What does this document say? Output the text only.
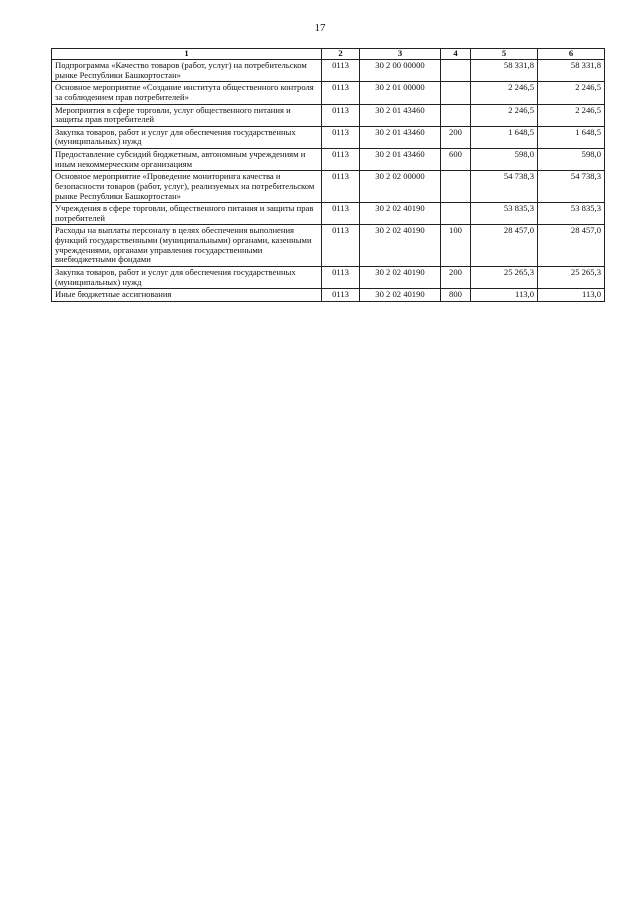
17
1	2	3	4	5	6
Подпрограмма «Качество товаров (работ, услуг) на потребительском рынке Республики Башкортостан»	0113	30 2 00 00000		58 331,8	58 331,8
Основное мероприятие «Создание института общественного контроля за соблюдением прав потребителей»	0113	30 2 01 00000		2 246,5	2 246,5
Мероприятия в сфере торговли, услуг общественного питания и защиты прав потребителей	0113	30 2 01 43460		2 246,5	2 246,5
Закупка товаров, работ и услуг для обеспечения государственных (муниципальных) нужд	0113	30 2 01 43460	200	1 648,5	1 648,5
Предоставление субсидий бюджетным, автономным учреждениям и иным некоммерческим организациям	0113	30 2 01 43460	600	598,0	598,0
Основное мероприятие «Проведение мониторинга качества и безопасности товаров (работ, услуг), реализуемых на потребительском рынке Республики Башкортостан»	0113	30 2 02 00000		54 738,3	54 738,3
Учреждения в сфере торговли, общественного питания и защиты прав потребителей	0113	30 2 02 40190		53 835,3	53 835,3
Расходы на выплаты персоналу в целях обеспечения выполнения функций государственными (муниципальными) органами, казенными учреждениями, органами управления государственными внебюджетными фондами	0113	30 2 02 40190	100	28 457,0	28 457,0
Закупка товаров, работ и услуг для обеспечения государственных (муниципальных) нужд	0113	30 2 02 40190	200	25 265,3	25 265,3
Иные бюджетные ассигнования	0113	30 2 02 40190	800	113,0	113,0
